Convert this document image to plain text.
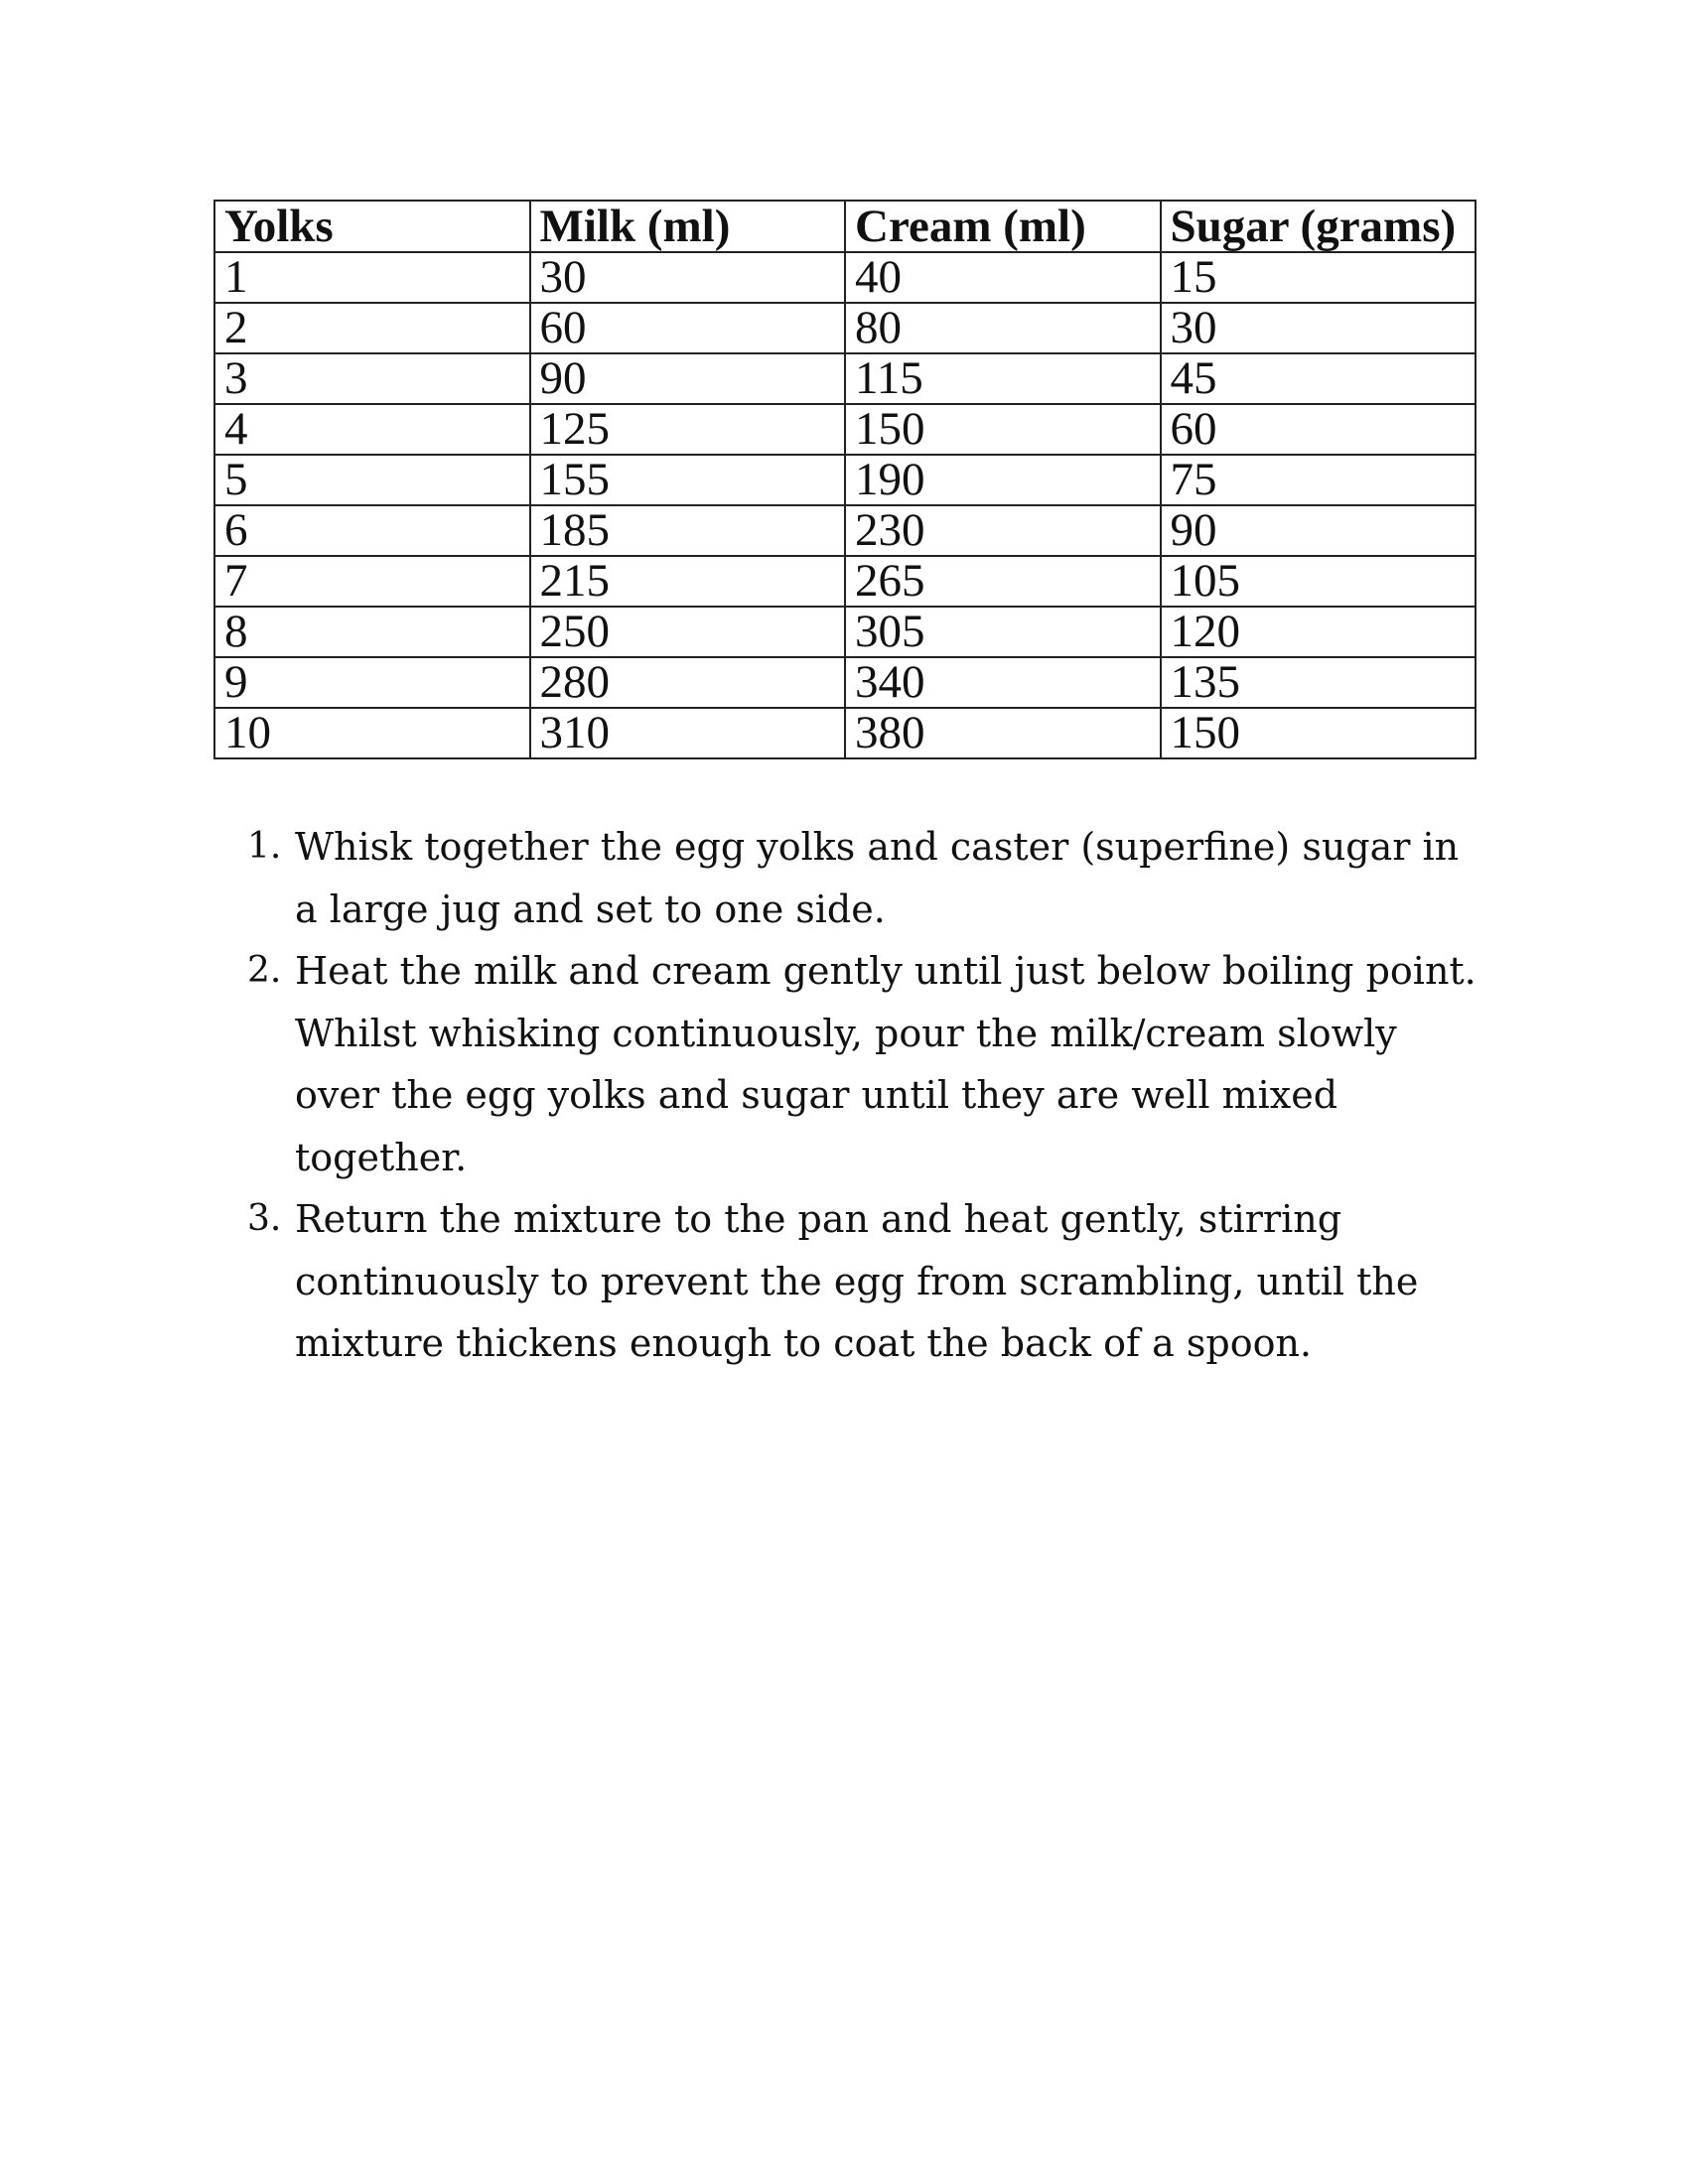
Yolks	Milk (ml)	Cream (ml)	Sugar (grams)
1	30	40	15
2	60	80	30
3	90	115	45
4	125	150	60
5	155	190	75
6	185	230	90
7	215	265	105
8	250	305	120
9	280	340	135
10	310	380	150
1. Whisk together the egg yolks and caster (superfine) sugar in a large jug and set to one side.
2. Heat the milk and cream gently until just below boiling point. Whilst whisking continuously, pour the milk/cream slowly over the egg yolks and sugar until they are well mixed together.
3. Return the mixture to the pan and heat gently, stirring continuously to prevent the egg from scrambling, until the mixture thickens enough to coat the back of a spoon.
